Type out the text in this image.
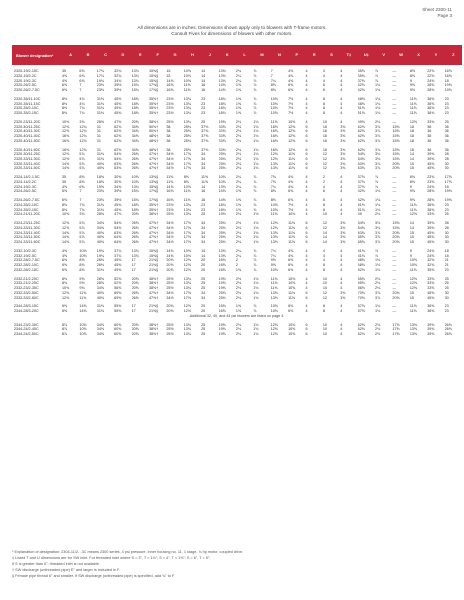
Sheet 2300-11
Page 3
All dimensions are in inches. Dimensions shown apply only to blowers with T-frame motors.
Consult Fives for dimensions of blowers with other motors.
Blower designation*	A	B	C	D	E	F	G	H	J	K	L	M	N	P	R	S	T‡	U‡	V	W	X	Y	Z

2320-19/2-15C	35	6⅝	17¾	32¾	13¾	15⅝§	15	10⅝	14	13⅜	2¼	⅞	7	4⅝	4	3	4	35⅝	⅞	—	8⅝	22⅝	16⅝
2320-19/2-2C	4⅝	6⅝	17¾	32¾	13¾	15⅝§	15	10⅝	14	13⅜	2¼	⅞	7	4⅝	4	4	4	35⅝	⅞	—	8⅝	22⅝	16⅝
2320-19/2-3C	4⅝	6⅝	19¾	34¾	13¾	15⅝§	14⅝	10⅝	14	13⅜	2¼	⅞	7¼	4⅝	4	4	4	37⅝	⅞	—	9	24⅝	18
2320-26/2-5C	6⅝	7	23⅜	39½	15¾	17⅝§	16⅝	11⅝	16	14⅝	1⅝	⅞	8⅝	6⅝	4	6	4	42⅝	1⅛	—	9⅝	28⅝	19⅝
2320-26/2-7.5C	6⅝	7	23⅜	39½	15¾	17⅝§	16⅝	11⅝	16	14⅝	1⅝	⅞	8⅝	6⅝	4	6	4	42⅝	1⅛	—	9⅝	28⅝	19⅝

2320-35/11-10C	8⅜	4¾	31⅜	45⅝	18⅝	35⅝†	23½	13¾	23	18¾	1⅝	⅞	10⅝	7½	4	8	4	48⅝	1⅛	—	11⅝	36⅝	23
2320-35/11-15C	8⅜	4¾	31⅜	45⅝	18⅝	35⅝†	23½	13¾	23	18¾	1⅝	⅞	10⅝	7½	4	8	4	48⅝	1⅛	—	11⅝	36⅝	23
2320-35/2-10C	8⅜	7¾	31⅜	45⅝	18⅝	35⅝†	23½	13¾	23	18¾	1⅝	⅞	10⅝	7½	4	8	4	51⅝	1⅛	—	11⅝	36⅝	23
2320-35/2-15C	8⅜	7¾	31⅜	45⅝	18⅝	35⅝†	23½	13¾	23	18¾	1⅝	⅞	10⅝	7½	4	8	4	51⅝	1⅛	—	11⅝	36⅝	23

2320-23/11-20C	10⅜	3⅜	28⅝	47⅝	20⅝	38⅝†	25½	13¾	25	19⅝	2⅛	1⅛	11⅝	10⅝	4	10	4	49⅝	2⅛	—	12⅝	33⅝	25
2320-40/11-25C	12⅝	12¾	31	62⅝	34⅝	50⅝†	38	25⅜	37⅝	33⅝	2⅛	1⅛	16⅝	12⅝	6	16	3⅝	62⅝	3⅞	15⅝	18	36	36
2320-40/11-30C	12⅝	12¾	31	62⅝	34⅝	50⅝†	38	25⅜	37⅝	33⅝	2⅛	1⅛	16⅝	12⅝	6	16	3⅝	62⅝	3⅞	15⅝	18	36	36
2320-40/11-40C	16⅝	12¾	31	62⅝	34⅝	48⅝†	38	25⅜	37⅝	33⅝	2⅛	1⅛	16⅝	12⅝	6	16	3⅝	62⅝	3⅞	15⅝	18	36	36
2320-40/11-50C	16⅝	12¾	31	62⅝	34⅝	48⅝†	38	25⅜	37⅝	33⅝	2⅛	1⅛	16⅝	12⅝	6	16	3⅝	62⅝	3⅞	15⅝	18	36	36

2320-40/11-60C	16⅝	12¾	31	62⅝	34⅝	48⅝†	38	25⅜	37⅝	33⅝	2⅛	1⅛	16⅝	12⅝	6	16	3⅝	62⅝	3⅞	15⅝	18	36	36
2320-30/11-25C	12⅝	5⅞	31⅜	54⅝	26⅝	47⅝†	34½	17⅝	34	25⅜	2⅛	1⅛	12⅝	11⅝	6	12	3⅝	54⅝	3⅛	15⅝	14	39⅝	28
2320-33/11-30C	12⅝	5⅞	31⅜	54⅝	26⅝	47⅝†	34½	17⅝	34	25⅜	2⅛	1⅛	12⅝	11⅝	6	12	3⅝	54⅝	3⅛	15⅝	14	39⅝	28
2320-33/11-40C	14⅝	5⅞	40⅝	63⅝	26⅝	47⅝†	34½	17⅝	34	25⅜	2⅛	1⅛	13⅝	11⅝	6	12	3⅝	63⅝	3⅞	20⅝	15	45⅝	30
2320-33/11-50C	14⅝	5⅞	40⅝	63⅝	26⅝	47⅝†	34½	17⅝	34	25⅜	2⅛	1⅛	13⅝	11⅝	6	12	3⅝	63⅝	3⅞	20⅝	15	45⅝	30

2324-14/2-1.5C	35	8⅝	18⅝	30⅝	10⅝	13⅝§	11⅝	8⅝	11⅝	10⅝	2¼	⅞	7⅝	4⅝	4	2	4	37⅝	⅞	—	8⅝	23⅝	17⅝
2324-14/2-2C	35	8⅝	18⅝	30⅝	10⅝	13⅝§	11⅝	8⅝	11⅝	10⅝	2¼	⅞	7⅝	4⅝	4	2	4	37⅝	⅞	—	8⅝	23⅝	17⅝
2324-19/2-3C	4⅝	6⅝	19⅝	34⅝	13¾	15⅝§	14⅝	10⅝	14	13⅜	2¼	⅞	7¼	4⅝	4	4	4	37⅝	⅞	—	9	24⅝	18
2324-26/2-5C	6⅝	7	23⅜	39½	15¾	17⅝§	16⅝	11⅝	16	14⅝	1⅝	⅞	8⅝	6⅝	4	6	4	42⅝	1⅛	—	9⅝	28⅝	19⅝

2324-26/2-7.5C	6⅝	7	23⅜	39½	15¾	17⅝§	16⅝	11⅝	16	14⅝	1⅝	⅞	8⅝	6⅝	4	6	4	42⅝	1⅛	—	9⅝	28⅝	19⅝
2324-35/2-10C	8⅜	7¾	31⅜	45⅝	18⅝	35⅝†	23½	13¾	23	18¾	1⅝	⅞	10⅝	7½	4	8	4	51⅝	1⅛	—	11⅝	36⅝	23
2324-35/2-15C	8⅜	7¾	31⅜	45⅝	18⅝	35⅝†	23½	13¾	23	18¾	1⅝	⅞	10⅝	7½	4	8	4	51⅝	1⅛	—	11⅝	36⅝	23
2324-21/11-20C	10⅜	3⅜	28⅝	47⅝	20⅝	38⅝†	25½	13¾	25	19⅝	2⅛	1⅛	11⅝	10⅝	4	10	4	49	2⅛	—	12⅝	33⅝	25

2324-23/11-25C	12⅝	5⅞	34⅝	54⅝	26⅝	47⅝†	34½	17⅝	34	25⅜	2⅛	1⅛	12⅝	11⅝	6	12	3⅝	54⅝	3⅛	15⅝	14	39⅝	28
2324-33/11-30C	12⅝	5⅞	34⅝	54⅝	26⅝	47⅝†	34½	17⅝	34	25⅜	2⅛	1⅛	12⅝	11⅝	6	12	3⅝	54⅝	3⅛	15⅝	14	39⅝	28
2324-33/11-40C	14⅝	5⅞	40⅝	63⅝	26⅝	47⅝†	34½	17⅝	34	25⅜	2⅛	1⅛	13⅝	11⅝	6	14	3⅝	63⅝	3⅞	20⅝	15	45⅝	30
2324-33/11-50C	14⅝	5⅞	40⅝	64⅝	26⅝	47⅝†	34½	17⅝	34	25⅜	2⅛	1⅛	13⅝	11⅝	6	14	3⅝	65⅝	3⅞	20⅝	15	45⅝	30
2324-33/11-60C	14⅝	5⅞	40⅝	64⅝	26⅝	47⅝†	34½	17⅝	34	25⅜	2⅛	1⅛	13⅝	11⅝	6	14	3⅝	65⅝	3⅞	20⅝	15	45⅝	30

2332-10/2-3C	4⅝	10⅝	19¾	37¾	13¾	15⅝§	14⅝	10⅝	14	13⅜	2¼	⅞	7¼	4⅝	4	4	4	41⅝	⅞	—	9	24⅝	18
2332-19/2-5C	4⅝	10⅝	19¾	37¾	13¾	15⅝§	14⅝	10⅝	14	13⅜	2¼	⅞	7¼	4⅝	4	4	4	41⅝	⅞	—	9	24⅝	18
2332-28/2-7.5C	6⅝	8⅝	26⅜	45⅝	17	21⅝§	20⅝	12⅝	20	16⅝	2	⅞	9⅝	6⅝	4	4	4	48⅝	1⅛	—	10⅝	32⅝	21
2332-28/2-10C	6⅝	8⅝	26⅜	45⅝	17	21⅝§	20⅝	12⅝	20	16⅝	2	⅞	9⅝	6⅝	4	8	4	48⅝	1⅛	—	10⅝	32⅝	21
2332-28/2-15C	6⅝	8⅝	31⅜	49⅝	17	21⅝§	20⅝	12⅝	20	16⅝	1⅝	⅞	10⅝	6⅝	4	8	4	52⅝	1⅛	—	11⅝	35⅝	23

2332-21/2-20C	8⅜	9⅝	28⅝	52⅝	20⅝	38⅝†	25½	13¾	25	19⅝	2⅛	1⅛	11⅝	10⅝	4	10	4	55⅝	2⅛	—	12⅝	33⅝	25
2332-21/2-25C	8⅜	9⅝	28⅝	52⅝	20⅝	38⅝†	25½	13¾	25	19⅝	2⅛	1⅛	11⅝	10⅝	4	10	4	55⅝	2⅛	—	12⅝	33⅝	25
2332-23/2-30C	10⅜	9⅝	34⅝	56⅝	20⅝	38⅝†	25½	13¾	25	19⅝	2⅛	1⅛	11⅝	10⅝	4	10	4	56⅝	2⅛	—	12⅝	33⅝	25
2332-33/2-50C	12⅝	11⅝	40⅝	69⅝	26⅝	47⅝†	34½	17⅝	34	25⅜	2⅛	1⅛	13⅝	11⅝	6	12	3⅝	70⅝	3⅞	20⅝	15	45⅝	30
2332-33/2-60C	12⅝	11⅝	40⅝	69⅝	26⅝	47⅝†	34½	17⅝	34	25⅜	2⅛	1⅛	13⅝	11⅝	6	12	3⅝	70⅝	3⅞	20⅝	15	45⅝	30

2344-28/3-15C	6⅝	14⅝	31⅜	55⅝	17	21⅝§	20⅝	12⅝	20	16⅝	1⅝	⅞	10⅝	6⅝	4	8	4	57⅝	1⅛	—	11⅝	36⅝	23
2344-28/3-20C	6⅝	14⅝	31⅜	55⅝	17	21⅝§	20⅝	12⅝	20	16⅝	1⅝	⅞	10⅝	6⅝	4	8	4	57⅝	1⅛	—	11⅝	36⅝	23
Additional 32, 40, and 44 psi blowers are listed on page 4.																							

2344-23/2-30C	8⅞	10⅝	34⅝	60⅝	20⅝	38⅝†	25½	13¾	25	19⅝	2⅛	1⅛	12⅝	10⅝	6	10	4	62⅝	2⅛	17⅝	13⅝	39⅝	26⅝
2344-24/2-40C	8⅞	10⅝	34⅝	60⅝	20⅝	38⅝†	25½	13¾	25	19⅝	2⅛	1⅛	12⅝	10⅝	6	10	4	62⅝	2⅛	17⅝	13⅝	39⅝	26⅝
2344-24/2-50C	8⅞	10⅝	34⅝	60⅝	20⅝	38⅝†	25½	13¾	25	19⅝	2⅛	1⅛	12⅝	10⅝	6	10	4	62⅝	2⅛	17⅝	13⅝	39⅝	26⅝
* Explanation of designation: 2304-11/2- -3C means 2300 series, 4 psi pressure, inner housing no. 11, 1 stage, ¾ hp motor, coupled drive.
‡ Listed T and U dimensions are for SW inlet. For threaded inlet where S = 3", T = 1⅛"; S = 4", T = 1⅜"; S = 6", T = 5";
If S is greater than 6", threaded inlet is not available.
† SW discharge (unthreaded pipe) E" and larger is included in F.
§ Female pipe thread 6" and smaller. If SW discharge (unthreaded pipe) is specified, add ¾" to F.
